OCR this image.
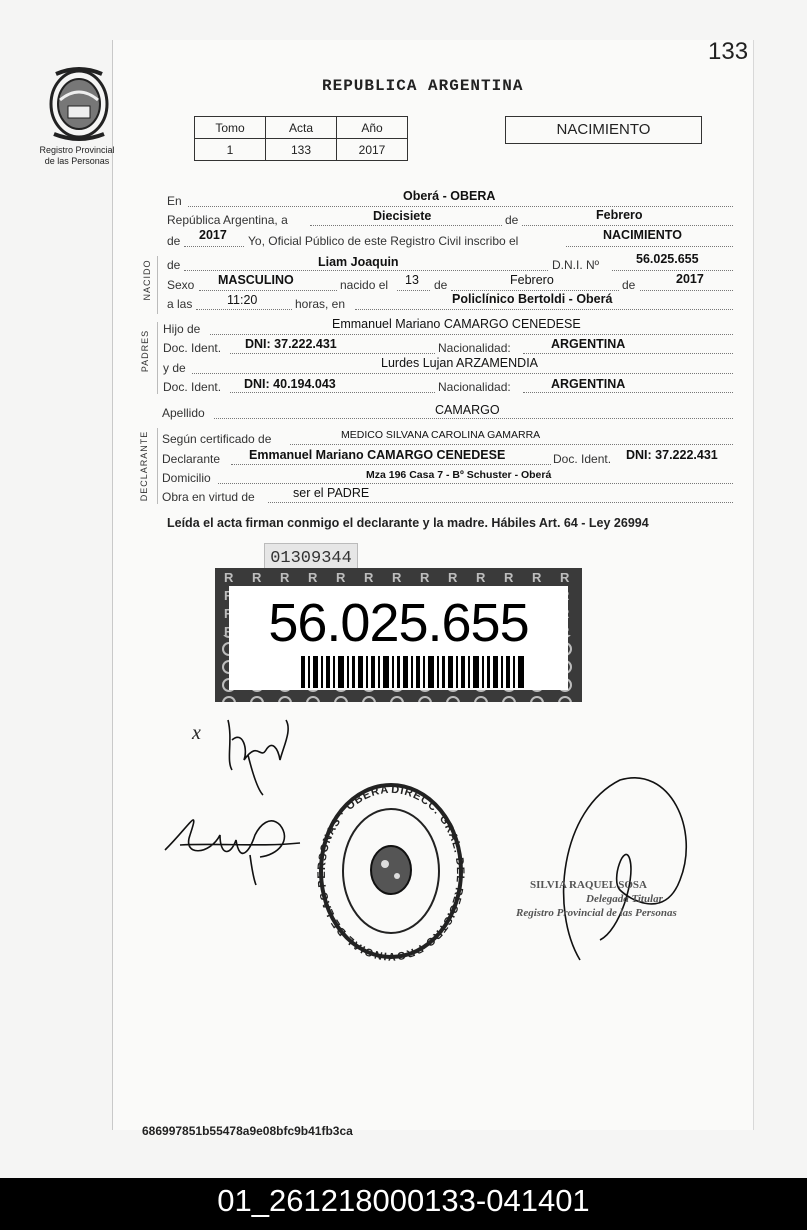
133
Registro Provincial
de las Personas
REPUBLICA ARGENTINA
Tomo	Acta	Año
1	133	2017
NACIMIENTO
En	Oberá - OBERA
República Argentina, a	Diecisiete	de	Febrero
de 2017 Yo, Oficial Público de este Registro Civil inscribo el	NACIMIENTO
NACIDO de	Liam Joaquin	D.N.I. Nº	56.025.655
Sexo MASCULINO	nacido el 13 de	Febrero	de	2017
a las	11:20	horas, en	Policlínico Bertoldi - Oberá
PADRES
Hijo de	Emmanuel Mariano CAMARGO CENEDESE
Doc. Ident. DNI: 37.222.431	Nacionalidad:	ARGENTINA
y de	Lurdes Lujan ARZAMENDIA
Doc. Ident. DNI: 40.194.043	Nacionalidad:	ARGENTINA
Apellido	CAMARGO
DECLARANTE Según certificado de	MEDICO SILVANA CAROLINA GAMARRA
Declarante Emmanuel Mariano CAMARGO CENEDESE	Doc. Ident. DNI: 37.222.431
Domicilio	Mza 196 Casa 7 - Bº Schuster - Oberá
Obra en virtud de	ser el PADRE
Leída el acta firman conmigo el declarante y la madre. Hábiles Art. 64 - Ley 26994
01309344
56.025.655
x
DIRECC. GRAL. DEL REGISTRO PROVINCIAL DE LAS PERSONAS · OBERÁ
SILVIA RAQUEL SOSA
Delegada Titular
Registro Provincial de las Personas
686997851b55478a9e08bfc9b41fb3ca
01_261218000133-041401
